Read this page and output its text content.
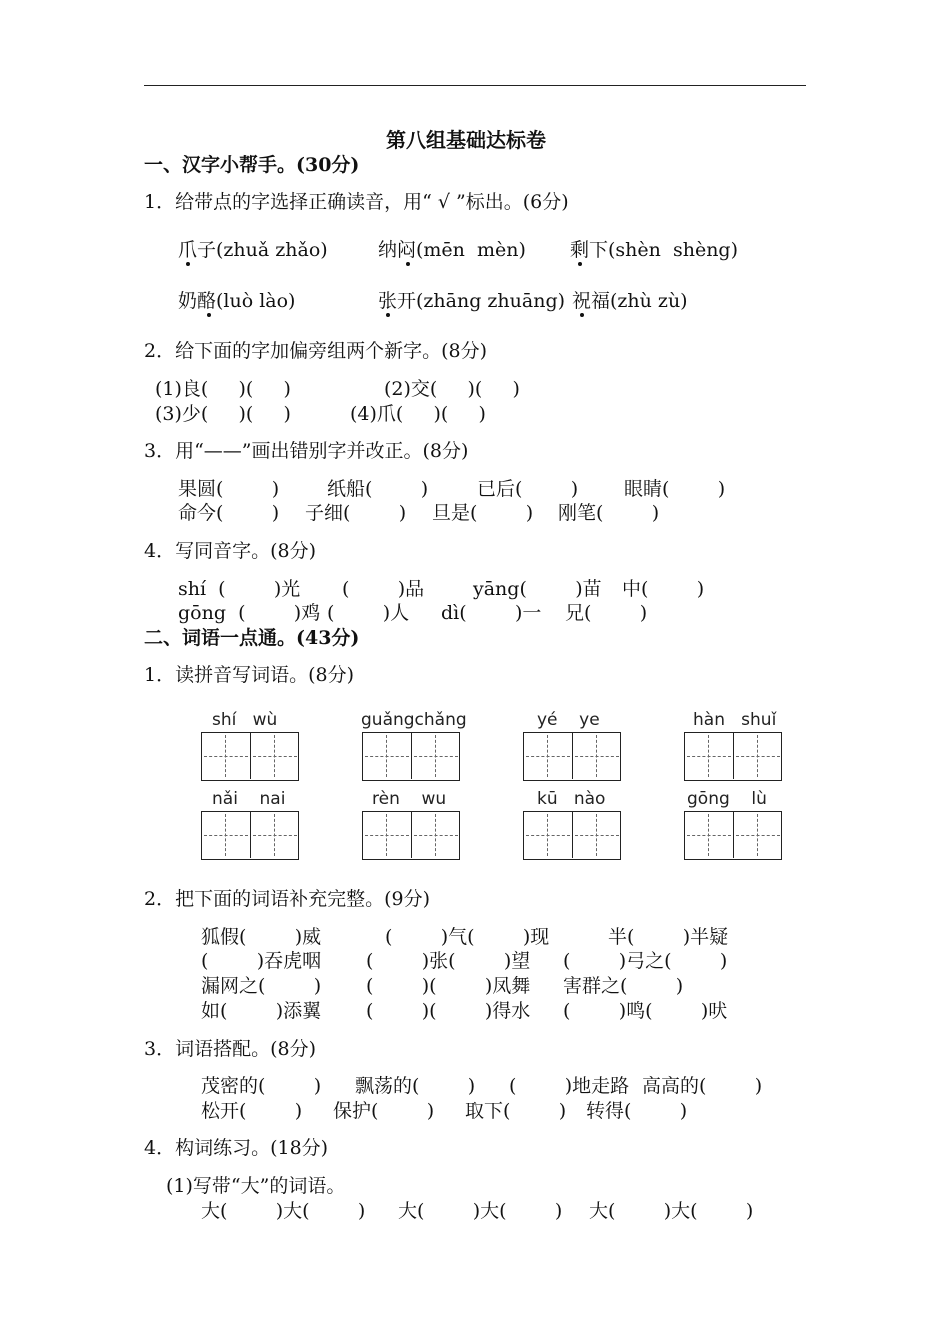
第八组基础达标卷
一、汉字小帮手。(30分)
1．给带点的字选择正确读音，用“ √ ”标出。(6分)
爪子(zhuǎ zhǎo)	纳闷(mēn  mèn) 剩下(shèn  shèng)
奶酪(luò lào)	张开(zhāng zhuāng) 祝福(zhù zù)
2．给下面的字加偏旁组两个新字。(8分)
(1)良(     )(     )	(2)交(     )(     )
(3)少(     )(     )	(4)爪(     )(     )
3．用“——”画出错别字并改正。(8分)
果圆(        )	纸船(        )	已后(        ) 眼睛(        )
命今(        ) 子细(        ) 旦是(        ) 刚笔(        )
4．写同音字。(8分)
shí  (        )光 (        )品	yāng(        )苗 中(        )
gōng  (        )鸡 (        )人 dì(        )一 兄(        )
二、词语一点通。(43分)
1．读拼音写词语。(8分)
shí   wù	guǎngchǎng	yé    ye	hàn   shuǐ
nǎi    nai	rèn    wu	kū   nào	gōng    lù
2．把下面的词语补充完整。(9分)
狐假(        )威	(        )气(        )现	半(        )半疑
(        )吞虎咽 (        )张(        )望 (        )弓之(        )
漏网之(        ) (        )(        )凤舞 害群之(        )
如(        )添翼 (        )(        )得水 (        )鸣(        )吠
3．词语搭配。(8分)
茂密的(        ) 飘荡的(        ) (        )地走路 高高的(        )
松开(        ) 保护(        ) 取下(        ) 转得(        )
4．构词练习。(18分)
(1)写带“大”的词语。
大(        )大(        ) 大(        )大(        ) 大(        )大(        )
